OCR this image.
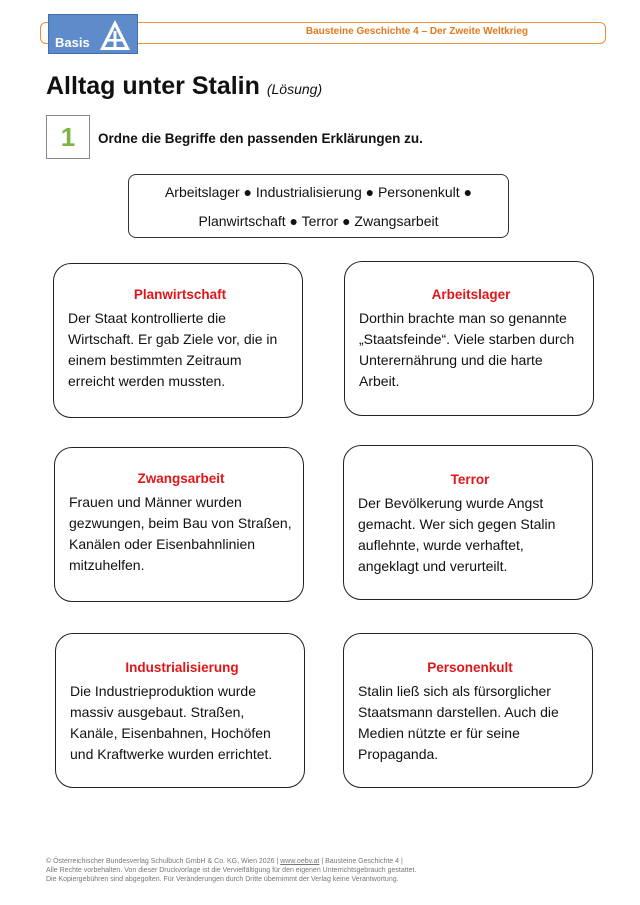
Basis
Bausteine Geschichte 4 – Der Zweite Weltkrieg
Alltag unter Stalin (Lösung)
1 Ordne die Begriffe den passenden Erklärungen zu.
Arbeitslager ● Industrialisierung ● Personenkult ●
Planwirtschaft ● Terror ● Zwangsarbeit
Planwirtschaft
Der Staat kontrollierte die Wirtschaft. Er gab Ziele vor, die in einem bestimmten Zeitraum erreicht werden mussten.
Arbeitslager
Dorthin brachte man so genannte „Staatsfeinde“. Viele starben durch Unterernährung und die harte Arbeit.
Zwangsarbeit
Frauen und Männer wurden gezwungen, beim Bau von Straßen, Kanälen oder Eisenbahnlinien mitzuhelfen.
Terror
Der Bevölkerung wurde Angst gemacht. Wer sich gegen Stalin auflehnte, wurde verhaftet, angeklagt und verurteilt.
Industrialisierung
Die Industrieproduktion wurde massiv ausgebaut. Straßen, Kanäle, Eisenbahnen, Hochöfen und Kraftwerke wurden errichtet.
Personenkult
Stalin ließ sich als fürsorglicher Staatsmann darstellen. Auch die Medien nützte er für seine Propaganda.
© Österreichischer Bundesverlag Schulbuch GmbH & Co. KG, Wien 2026 | www.oebv.at | Bausteine Geschichte 4 |
Alle Rechte vorbehalten. Von dieser Druckvorlage ist die Vervielfältigung für den eigenen Unterrichtsgebrauch gestattet.
Die Kopiergebühren sind abgegolten. Für Veränderungen durch Dritte übernimmt der Verlag keine Verantwortung.
